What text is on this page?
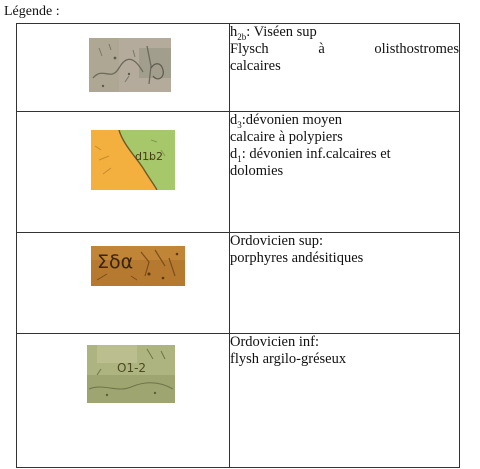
Légende :

$h_{2b}$: Viséen sup
Flysch à olisthostromes
calcaires

d1b2	$d_3:dévonien$ moyen
calcaire à polypiers
$d_1$: dévonien inf.calcaires et
dolomies

Σδα	Ordovicien sup:
porphyres andésitiques

O1-2	Ordovicien inf:
flysh argilo-gréseux
